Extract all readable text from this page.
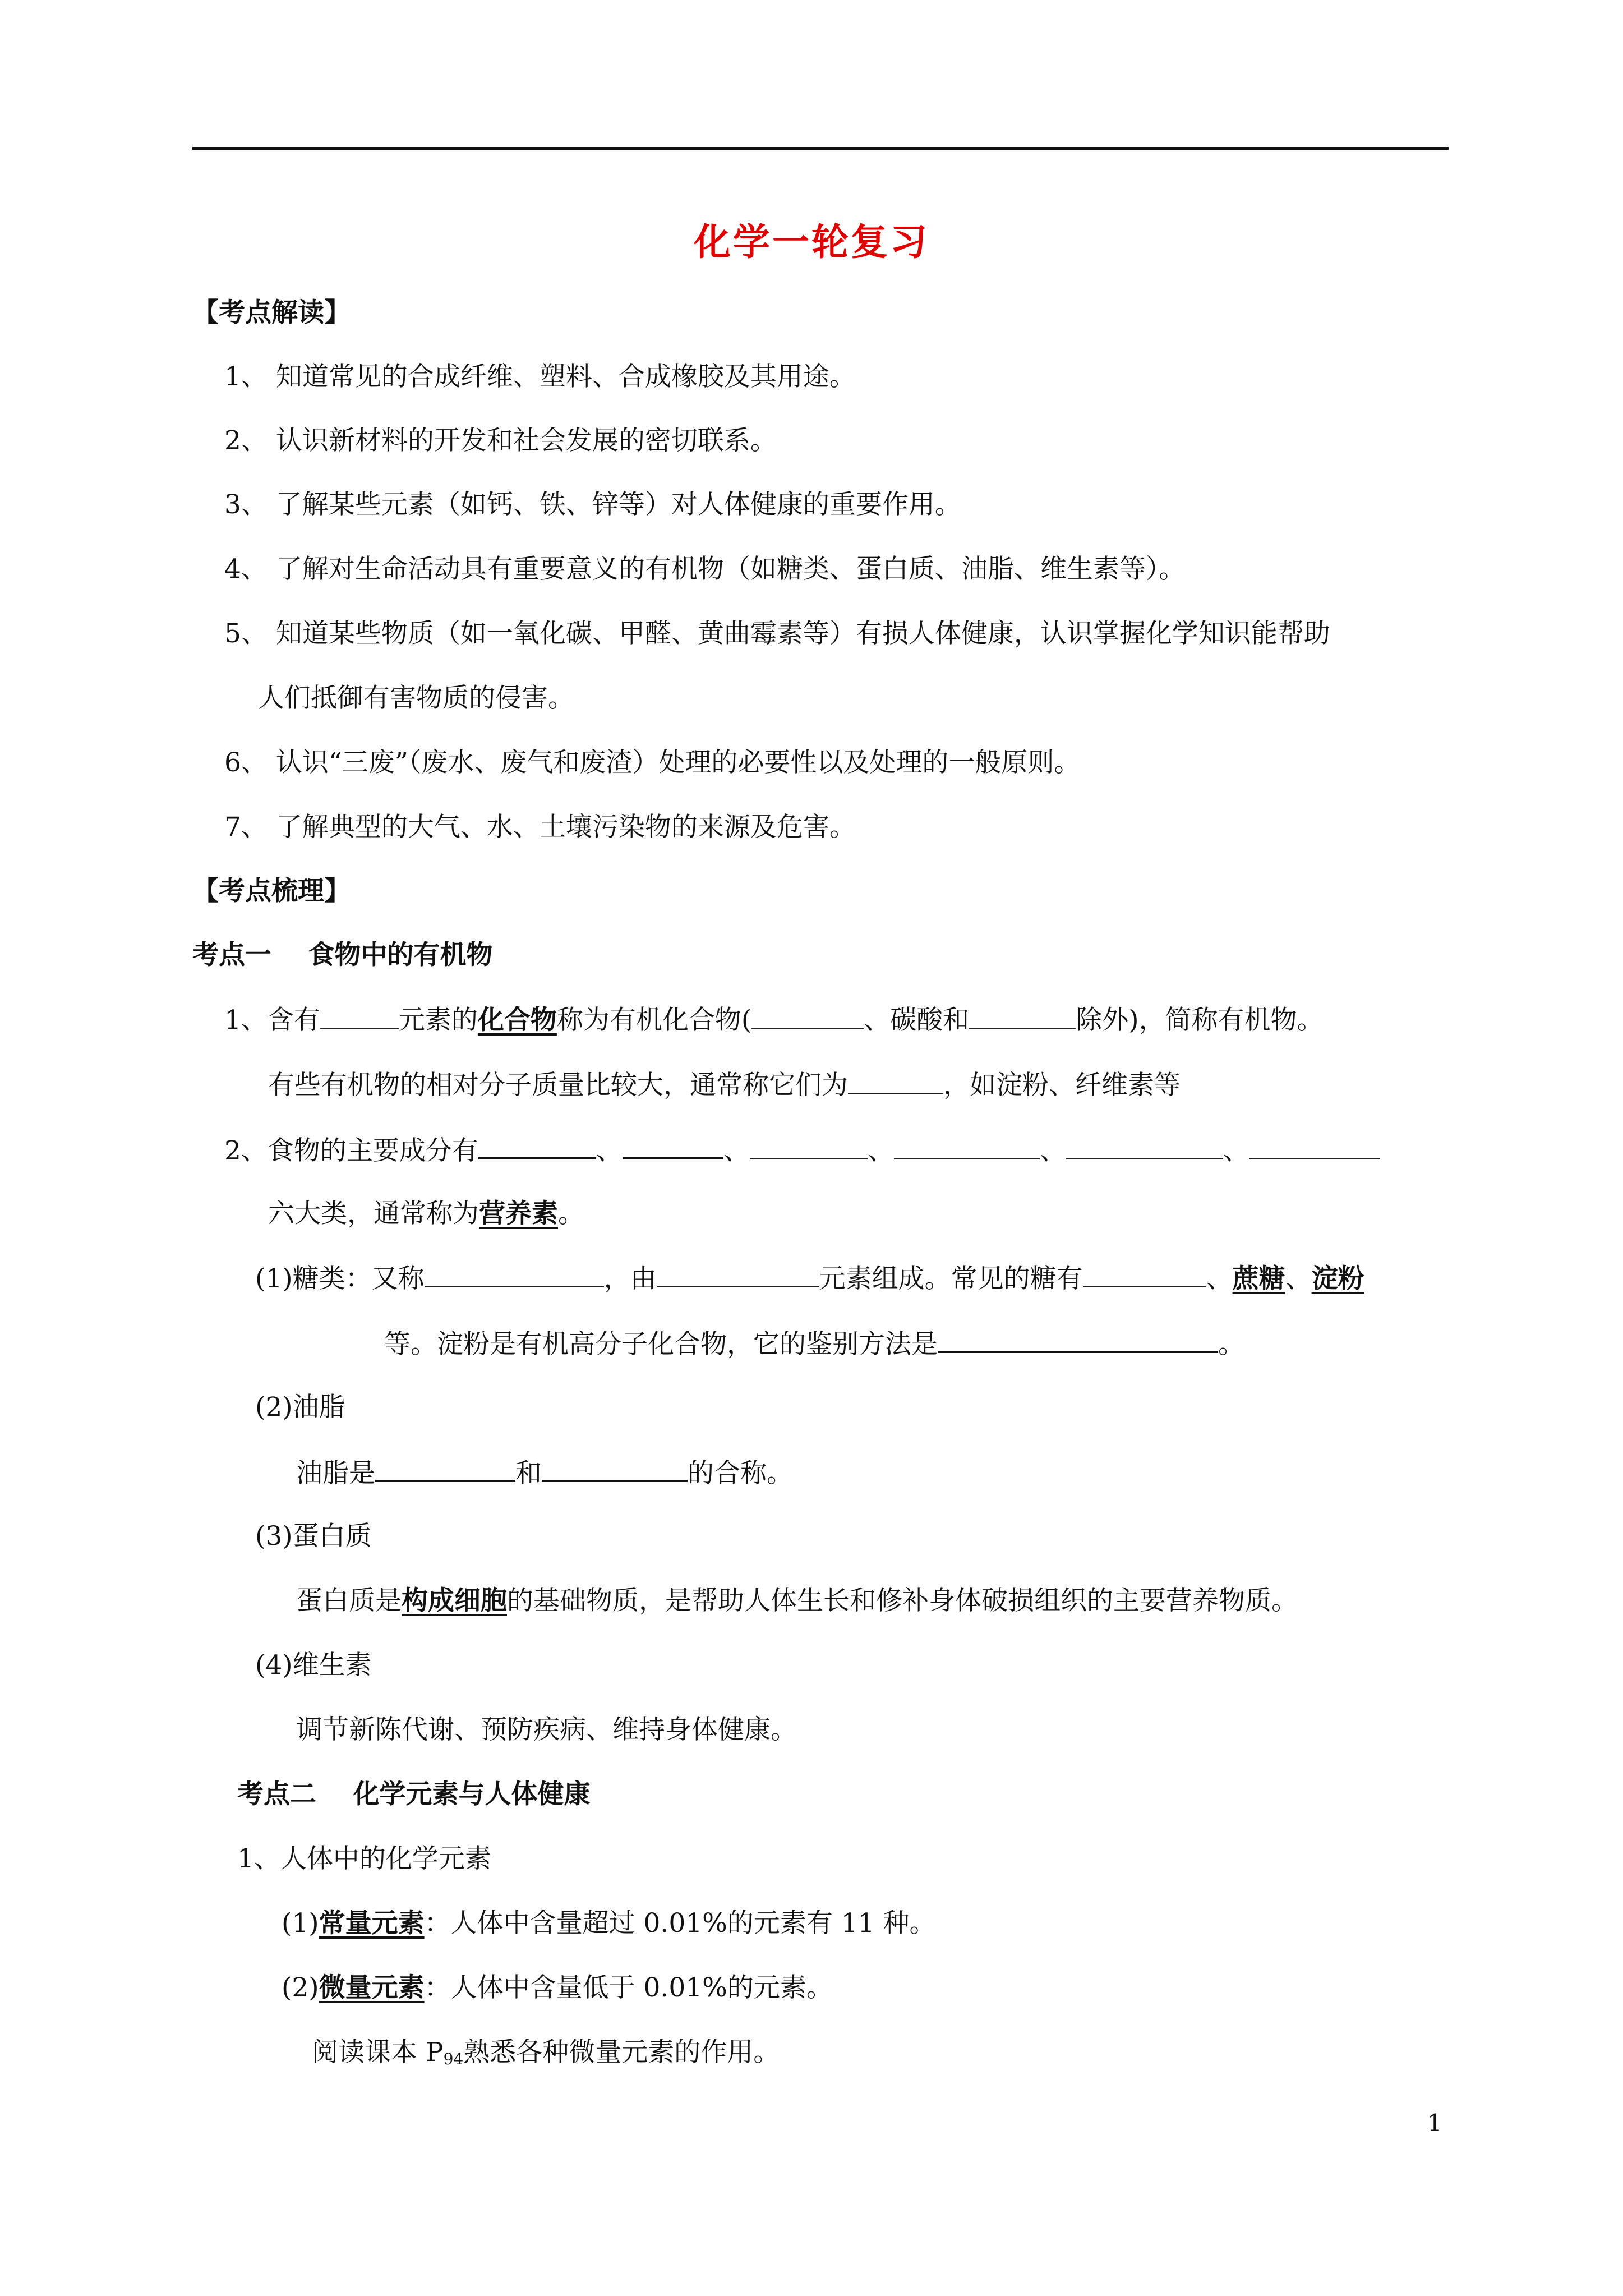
化学一轮复习
【考点解读】
1、 知道常见的合成纤维、塑料、合成橡胶及其用途。
2、 认识新材料的开发和社会发展的密切联系。
3、 了解某些元素（如钙、铁、锌等）对人体健康的重要作用。
4、 了解对生命活动具有重要意义的有机物（如糖类、蛋白质、油脂、维生素等）。
5、 知道某些物质（如一氧化碳、甲醛、黄曲霉素等）有损人体健康，认识掌握化学知识能帮助
人们抵御有害物质的侵害。
6、 认识“三废”（废水、废气和废渣）处理的必要性以及处理的一般原则。
7、 了解典型的大气、水、土壤污染物的来源及危害。
【考点梳理】
考点一    食物中的有机物
1、含有	元素的化合物称为有机化合物(	、碳酸和	除外)，简称有机物。
有些有机物的相对分子质量比较大，通常称它们为	，如淀粉、纤维素等
2、食物的主要成分有	、	、	、	、	、
六大类，通常称为营养素。
(1)糖类：又称	，由	元素组成。常见的糖有	、蔗糖、淀粉
等。淀粉是有机高分子化合物，它的鉴别方法是	。
(2)油脂
油脂是	和	的合称。
(3)蛋白质
蛋白质是构成细胞的基础物质，是帮助人体生长和修补身体破损组织的主要营养物质。
(4)维生素
调节新陈代谢、预防疾病、维持身体健康。
考点二    化学元素与人体健康
1、人体中的化学元素
(1)常量元素：人体中含量超过 0.01%的元素有 11 种。
(2)微量元素：人体中含量低于 0.01%的元素。
阅读课本 $P_{94}$熟悉各种微量元素的作用。
1
